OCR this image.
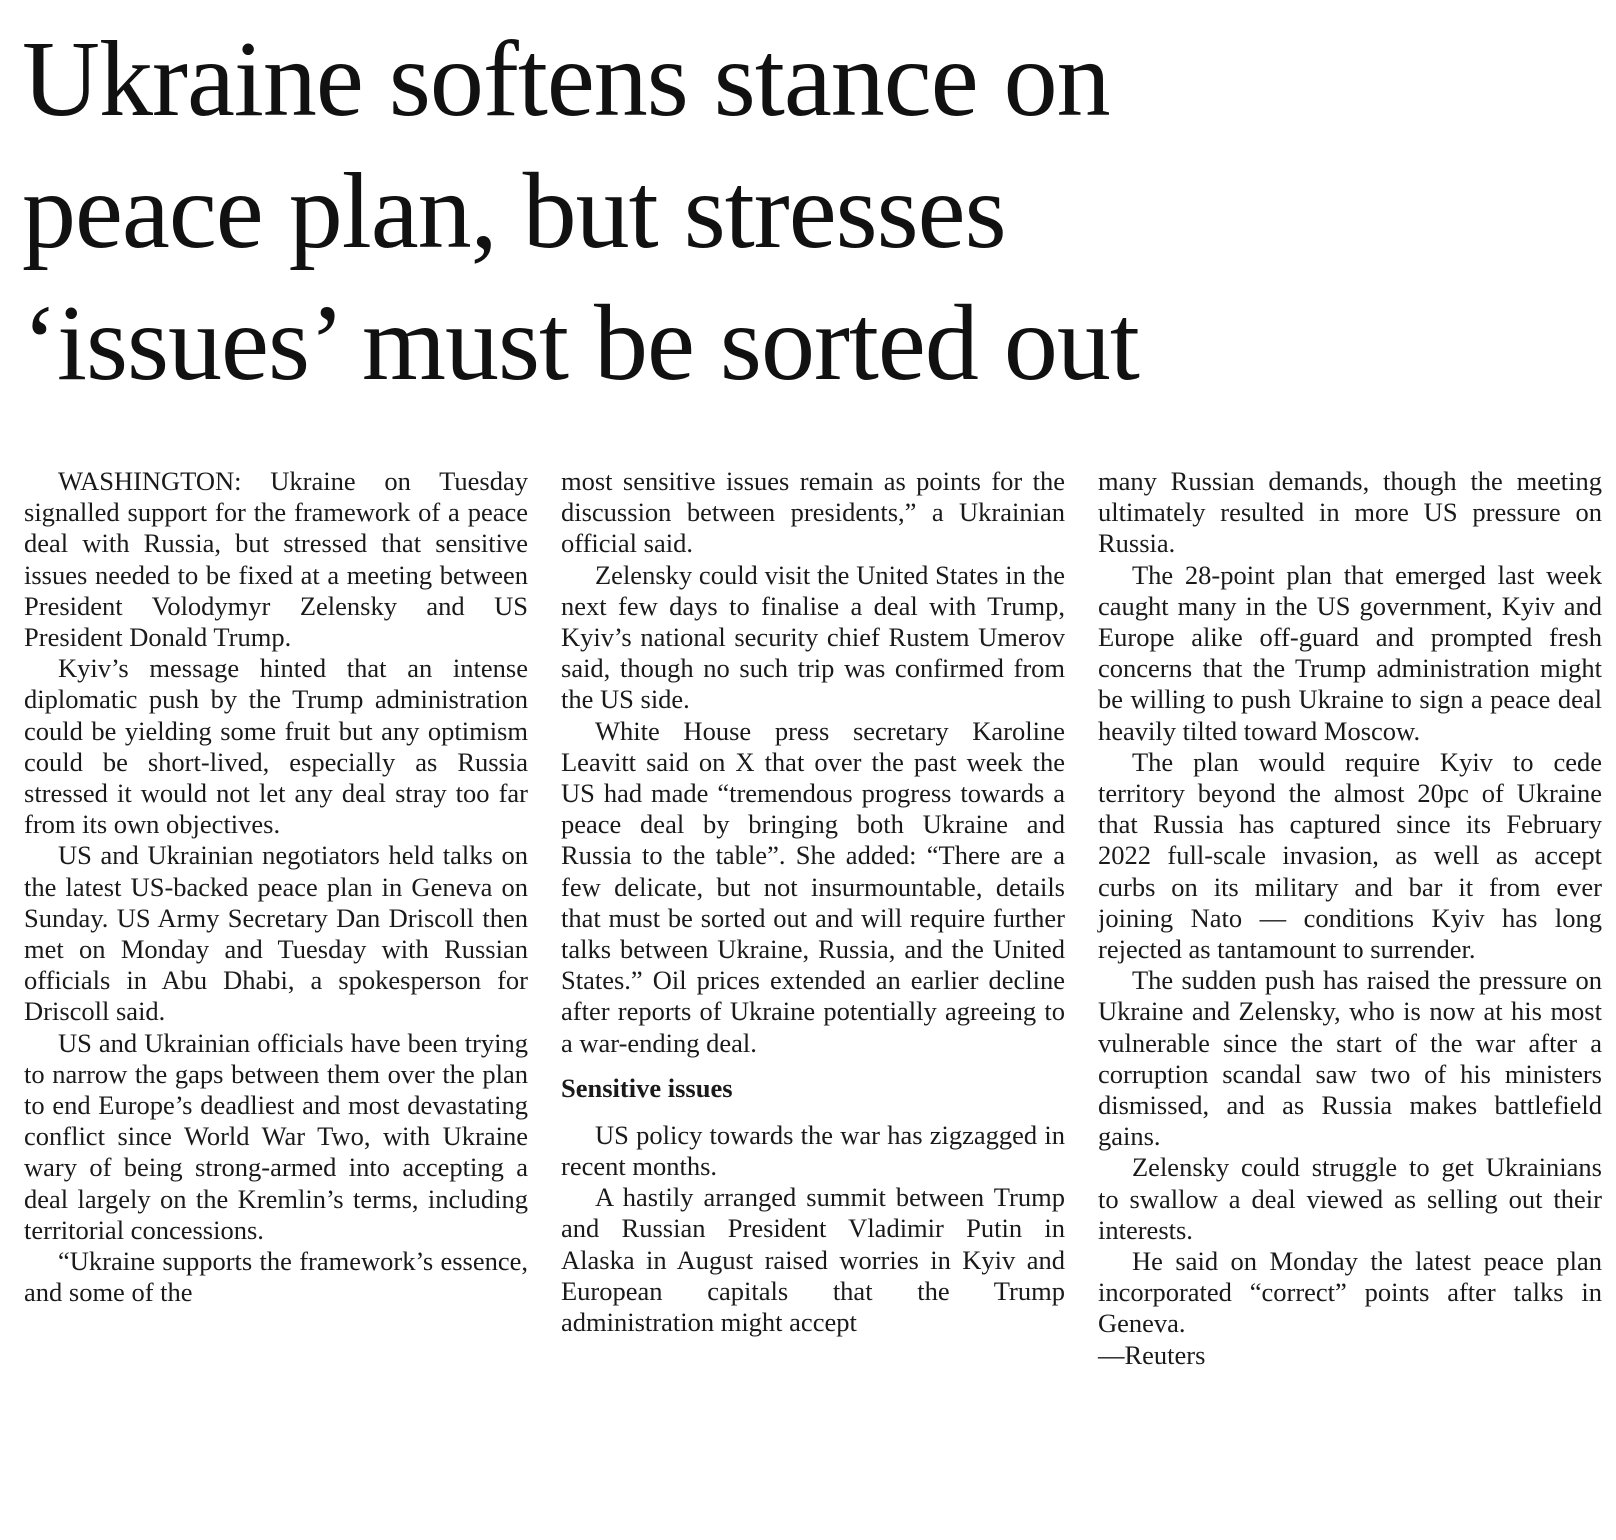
Ukraine softens stance on
peace plan, but stresses
‘issues’ must be sorted out

WASHINGTON: Ukraine on Tuesday signalled support for the framework of a peace deal with Russia, but stressed that sensitive issues needed to be fixed at a meeting between President Volodymyr Zelensky and US President Donald Trump.

Kyiv’s message hinted that an intense diplomatic push by the Trump administration could be yielding some fruit but any optimism could be short-lived, especially as Russia stressed it would not let any deal stray too far from its own objectives.

US and Ukrainian negotiators held talks on the latest US-backed peace plan in Geneva on Sunday. US Army Secretary Dan Driscoll then met on Monday and Tuesday with Russian officials in Abu Dhabi, a spokesperson for Driscoll said.

US and Ukrainian officials have been trying to narrow the gaps between them over the plan to end Europe’s deadliest and most devastating conflict since World War Two, with Ukraine wary of being strong-armed into accepting a deal largely on the Kremlin’s terms, including territorial concessions.

“Ukraine supports the framework’s essence, and some of the

most sensitive issues remain as points for the discussion between presidents,” a Ukrainian official said.

Zelensky could visit the United States in the next few days to finalise a deal with Trump, Kyiv’s national security chief Rustem Umerov said, though no such trip was confirmed from the US side.

White House press secretary Karoline Leavitt said on X that over the past week the US had made “tremendous progress towards a peace deal by bringing both Ukraine and Russia to the table”. She added: “There are a few delicate, but not insurmountable, details that must be sorted out and will require further talks between Ukraine, Russia, and the United States.” Oil prices extended an earlier decline after reports of Ukraine potentially agreeing to a war-ending deal.

Sensitive issues

US policy towards the war has zigzagged in recent months.

A hastily arranged summit between Trump and Russian President Vladimir Putin in Alaska in August raised worries in Kyiv and European capitals that the Trump administration might accept

many Russian demands, though the meeting ultimately resulted in more US pressure on Russia.

The 28-point plan that emerged last week caught many in the US government, Kyiv and Europe alike off-guard and prompted fresh concerns that the Trump administration might be willing to push Ukraine to sign a peace deal heavily tilted toward Moscow.

The plan would require Kyiv to cede territory beyond the almost 20pc of Ukraine that Russia has captured since its February 2022 full-scale invasion, as well as accept curbs on its military and bar it from ever joining Nato — conditions Kyiv has long rejected as tantamount to surrender.

The sudden push has raised the pressure on Ukraine and Zelensky, who is now at his most vulnerable since the start of the war after a corruption scandal saw two of his ministers dismissed, and as Russia makes battlefield gains.

Zelensky could struggle to get Ukrainians to swallow a deal viewed as selling out their interests.

He said on Monday the latest peace plan incorporated “correct” points after talks in Geneva.

—Reuters
